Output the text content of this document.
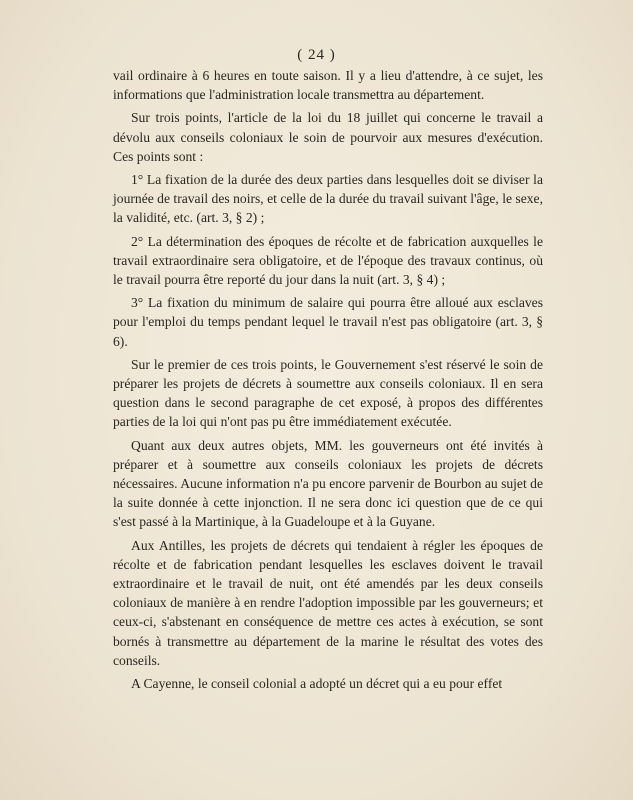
( 24 )

vail ordinaire à 6 heures en toute saison. Il y a lieu d'attendre, à ce sujet, les informations que l'administration locale transmettra au département.

Sur trois points, l'article de la loi du 18 juillet qui concerne le travail a dévolu aux conseils coloniaux le soin de pourvoir aux mesures d'exécution. Ces points sont :

1° La fixation de la durée des deux parties dans lesquelles doit se diviser la journée de travail des noirs, et celle de la durée du travail suivant l'âge, le sexe, la validité, etc. (art. 3, § 2) ;

2° La détermination des époques de récolte et de fabrication auxquelles le travail extraordinaire sera obligatoire, et de l'époque des travaux continus, où le travail pourra être reporté du jour dans la nuit (art. 3, § 4) ;

3° La fixation du minimum de salaire qui pourra être alloué aux esclaves pour l'emploi du temps pendant lequel le travail n'est pas obligatoire (art. 3, § 6).

Sur le premier de ces trois points, le Gouvernement s'est réservé le soin de préparer les projets de décrets à soumettre aux conseils coloniaux. Il en sera question dans le second paragraphe de cet exposé, à propos des différentes parties de la loi qui n'ont pas pu être immédiatement exécutée.

Quant aux deux autres objets, MM. les gouverneurs ont été invités à préparer et à soumettre aux conseils coloniaux les projets de décrets nécessaires. Aucune information n'a pu encore parvenir de Bourbon au sujet de la suite donnée à cette injonction. Il ne sera donc ici question que de ce qui s'est passé à la Martinique, à la Guadeloupe et à la Guyane.

Aux Antilles, les projets de décrets qui tendaient à régler les époques de récolte et de fabrication pendant lesquelles les esclaves doivent le travail extraordinaire et le travail de nuit, ont été amendés par les deux conseils coloniaux de manière à en rendre l'adoption impossible par les gouverneurs; et ceux-ci, s'abstenant en conséquence de mettre ces actes à exécution, se sont bornés à transmettre au département de la marine le résultat des votes des conseils.

A Cayenne, le conseil colonial a adopté un décret qui a eu pour effet
